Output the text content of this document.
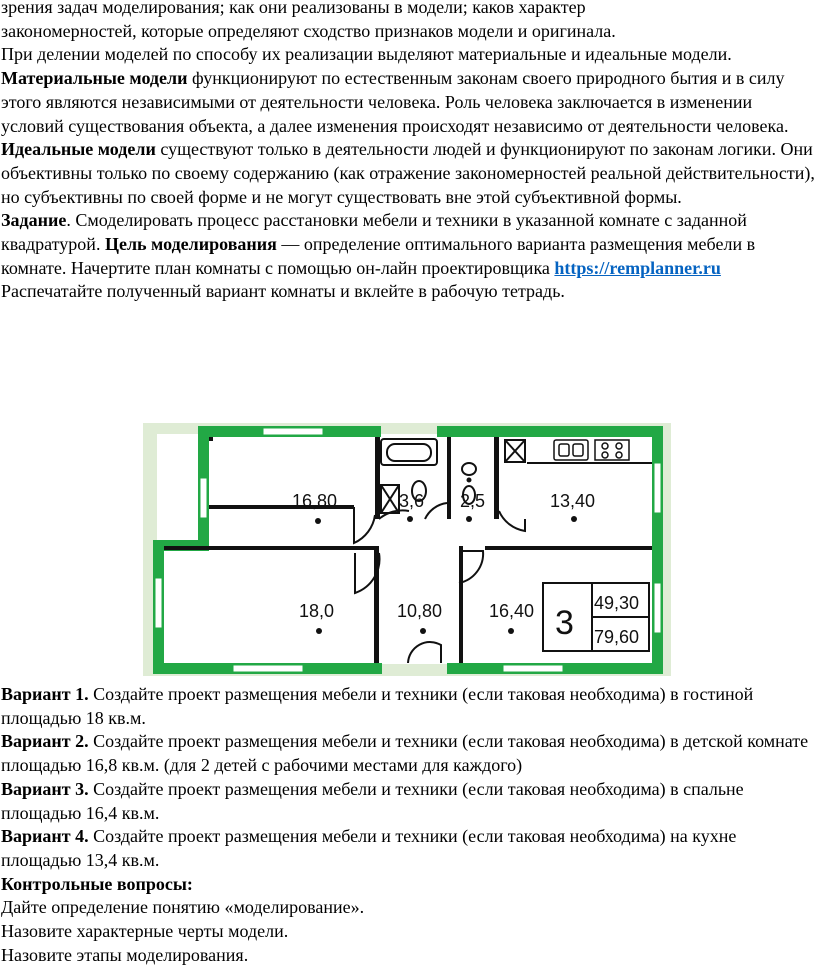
зрения задач моделирования; как они реализованы в модели; каков характер

закономерностей, которые определяют сходство признаков модели и оригинала.

При делении моделей по способу их реализации выделяют материальные и идеальные модели.

Материальные модели функционируют по естественным законам своего природного бытия и в силу этого являются независимыми от деятельности человека. Роль человека заключается в изменении условий существования объекта, а далее изменения происходят независимо от деятельности человека.

Идеальные модели существуют только в деятельности людей и функционируют по законам логики. Они объективны только по своему содержанию (как отражение закономерностей реальной действительности), но субъективны по своей форме и не могут существовать вне этой субъективной формы.

Задание. Смоделировать процесс расстановки мебели и техники в указанной комнате с заданной квадратурой. Цель моделирования — определение оптимального варианта размещения мебели в комнате. Начертите план комнаты с помощью он-лайн проектировщика https://remplanner.ru

Распечатайте полученный вариант комнаты и вклейте в рабочую тетрадь.

16,80	3,6 2,5	13,40
18,0	10,80	16,40 3
49,30
79,60

Вариант 1. Создайте проект размещения мебели и техники (если таковая необходима) в гостиной площадью 18 кв.м.

Вариант 2. Создайте проект размещения мебели и техники (если таковая необходима) в детской комнате площадью 16,8 кв.м. (для 2 детей с рабочими местами для каждого)

Вариант 3. Создайте проект размещения мебели и техники (если таковая необходима) в спальне площадью 16,4 кв.м.

Вариант 4. Создайте проект размещения мебели и техники (если таковая необходима) на кухне площадью 13,4 кв.м.

Контрольные вопросы:

Дайте определение понятию «моделирование».

Назовите характерные черты модели.

Назовите этапы моделирования.
